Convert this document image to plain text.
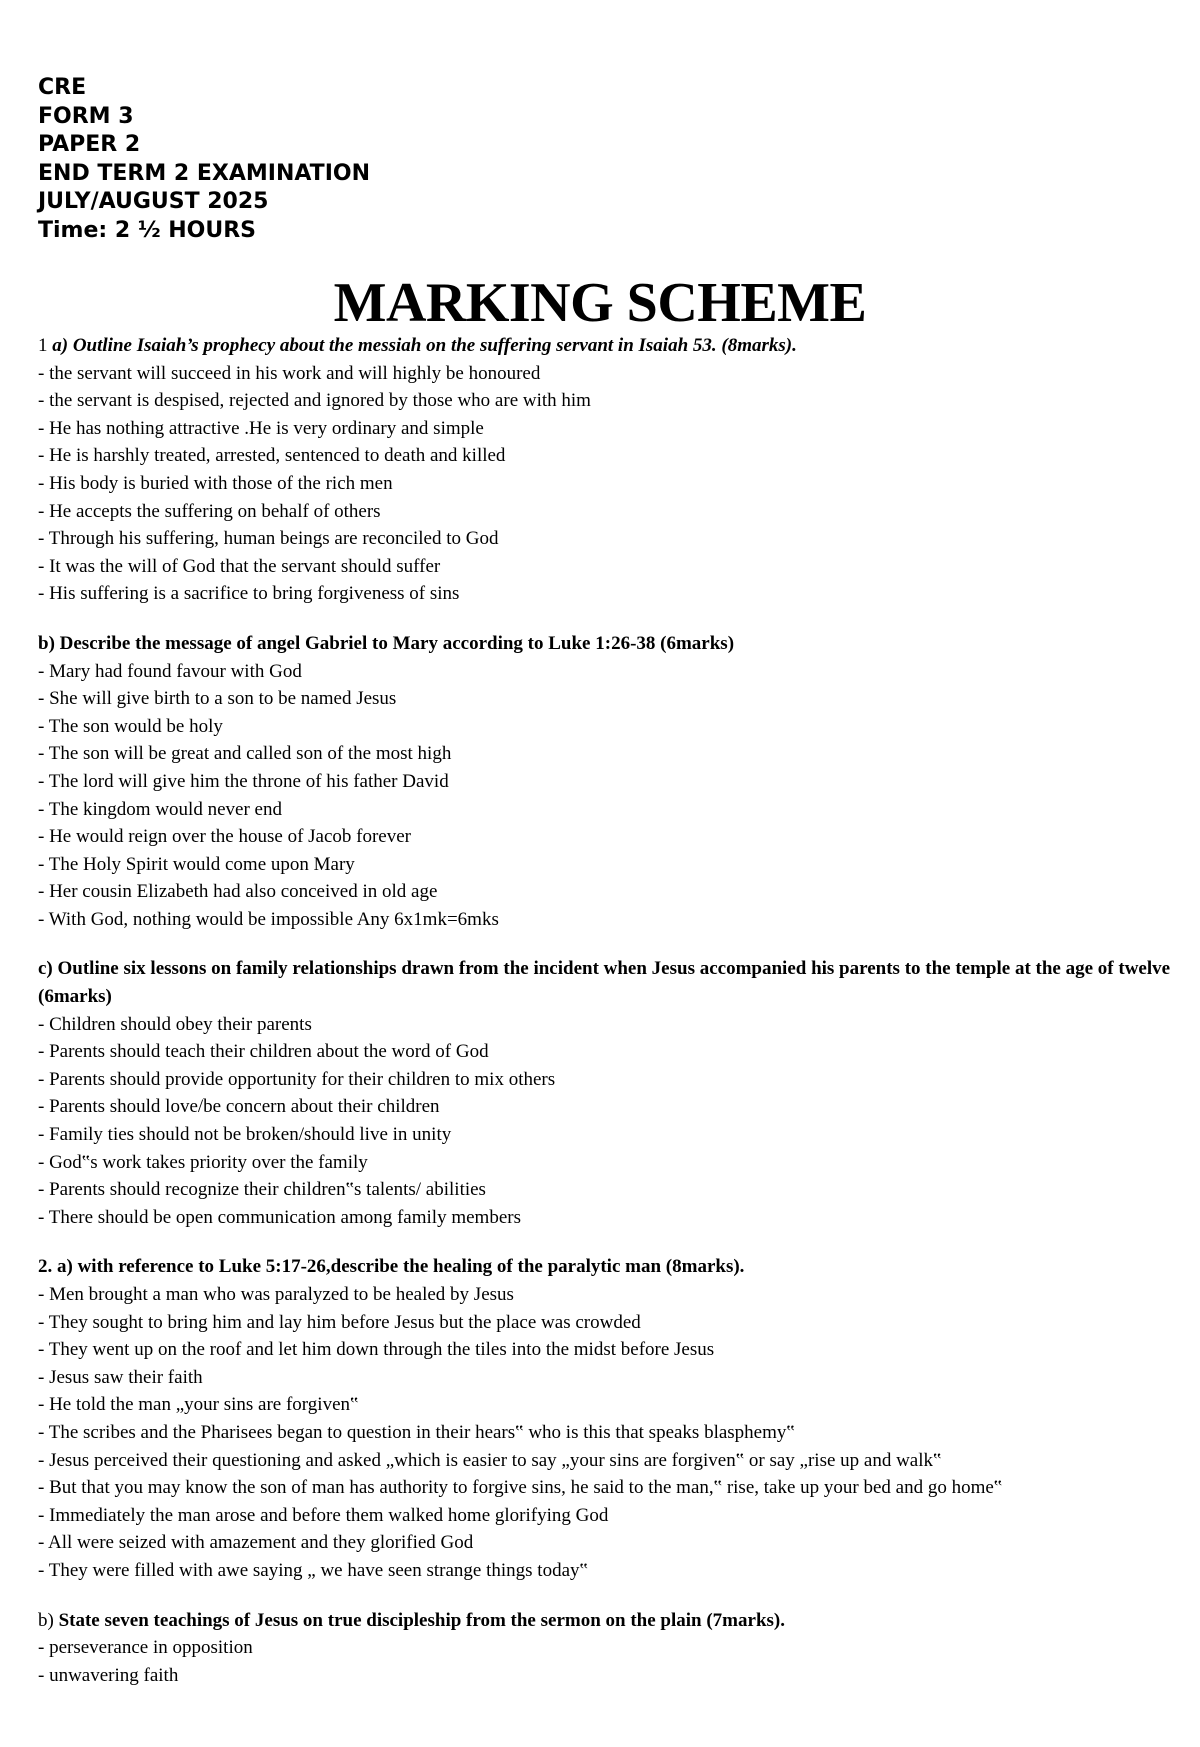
CRE
FORM 3
PAPER 2
END TERM 2 EXAMINATION
JULY/AUGUST 2025
Time: 2 ½ HOURS
MARKING SCHEME
1 a) Outline Isaiah’s prophecy about the messiah on the suffering servant in Isaiah 53. (8marks).
- the servant will succeed in his work and will highly be honoured
- the servant is despised, rejected and ignored by those who are with him
- He has nothing attractive .He is very ordinary and simple
- He is harshly treated, arrested, sentenced to death and killed
- His body is buried with those of the rich men
- He accepts the suffering on behalf of others
- Through his suffering, human beings are reconciled to God
- It was the will of God that the servant should suffer
- His suffering is a sacrifice to bring forgiveness of sins
b) Describe the message of angel Gabriel to Mary according to Luke 1:26-38 (6marks)
- Mary had found favour with God
- She will give birth to a son to be named Jesus
- The son would be holy
- The son will be great and called son of the most high
- The lord will give him the throne of his father David
- The kingdom would never end
- He would reign over the house of Jacob forever
- The Holy Spirit would come upon Mary
- Her cousin Elizabeth had also conceived in old age
- With God, nothing would be impossible Any 6x1mk=6mks
c) Outline six lessons on family relationships drawn from the incident when Jesus accompanied his parents to the temple at the age of twelve (6marks)
- Children should obey their parents
- Parents should teach their children about the word of God
- Parents should provide opportunity for their children to mix others
- Parents should love/be concern about their children
- Family ties should not be broken/should live in unity
- God‟s work takes priority over the family
- Parents should recognize their children‟s talents/ abilities
- There should be open communication among family members
2. a) with reference to Luke 5:17-26,describe the healing of the paralytic man (8marks).
- Men brought a man who was paralyzed to be healed by Jesus
- They sought to bring him and lay him before Jesus but the place was crowded
- They went up on the roof and let him down through the tiles into the midst before Jesus
- Jesus saw their faith
- He told the man „your sins are forgiven‟
- The scribes and the Pharisees began to question in their hears‟ who is this that speaks blasphemy‟
- Jesus perceived their questioning and asked „which is easier to say „your sins are forgiven‟ or say „rise up and walk‟
- But that you may know the son of man has authority to forgive sins, he said to the man,‟ rise, take up your bed and go home‟
- Immediately the man arose and before them walked home glorifying God
- All were seized with amazement and they glorified God
- They were filled with awe saying „ we have seen strange things today‟
b) State seven teachings of Jesus on true discipleship from the sermon on the plain (7marks).
- perseverance in opposition
- unwavering faith
